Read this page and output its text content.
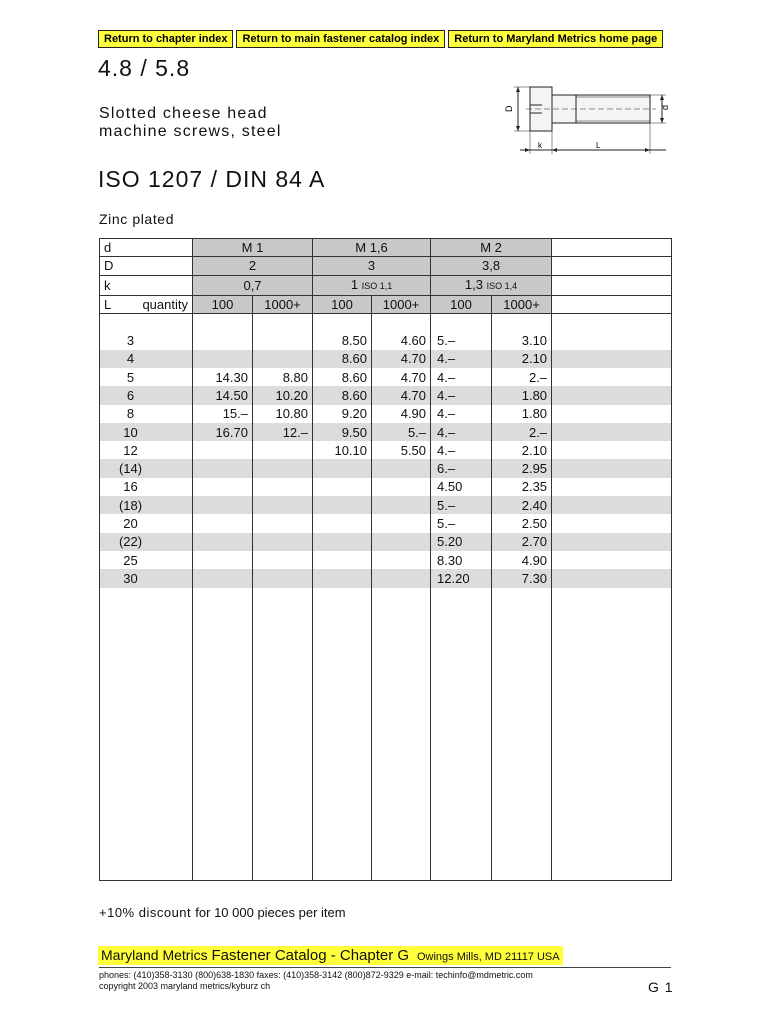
Return to chapter index	Return to main fastener catalog index	Return to Maryland Metrics home page
4.8 / 5.8
Slotted cheese head
machine screws, steel
ISO 1207 / DIN 84 A
Zinc plated
D	d
k	L
d	M 1		M 1,6		M 2		
D	2		3		3,8		
k	0,7		1 ISO 1,1		1,3 ISO 1,4		
L quantity	100	1000+	100	1000+	100	1000+	

3			8.50	4.60	5.–	3.10	
4			8.60	4.70	4.–	2.10	
5	14.30	8.80	8.60	4.70	4.–	2.–	
6	14.50	10.20	8.60	4.70	4.–	1.80	
8	15.–	10.80	9.20	4.90	4.–	1.80	
10	16.70	12.–	9.50	5.–	4.–	2.–	
12			10.10	5.50	4.–	2.10	
(14)					6.–	2.95	
16					4.50	2.35	
(18)					5.–	2.40	
20					5.–	2.50	
(22)					5.20	2.70	
25					8.30	4.90	
30					12.20	7.30	

+10% discount for 10 000 pieces per item
Maryland Metrics Fastener Catalog - Chapter G Owings Mills, MD 21117 USA
phones: (410)358-3130 (800)638-1830 faxes: (410)358-3142 (800)872-9329 e-mail: techinfo@mdmetric.com
copyright 2003 maryland metrics/kyburz ch	G 1
